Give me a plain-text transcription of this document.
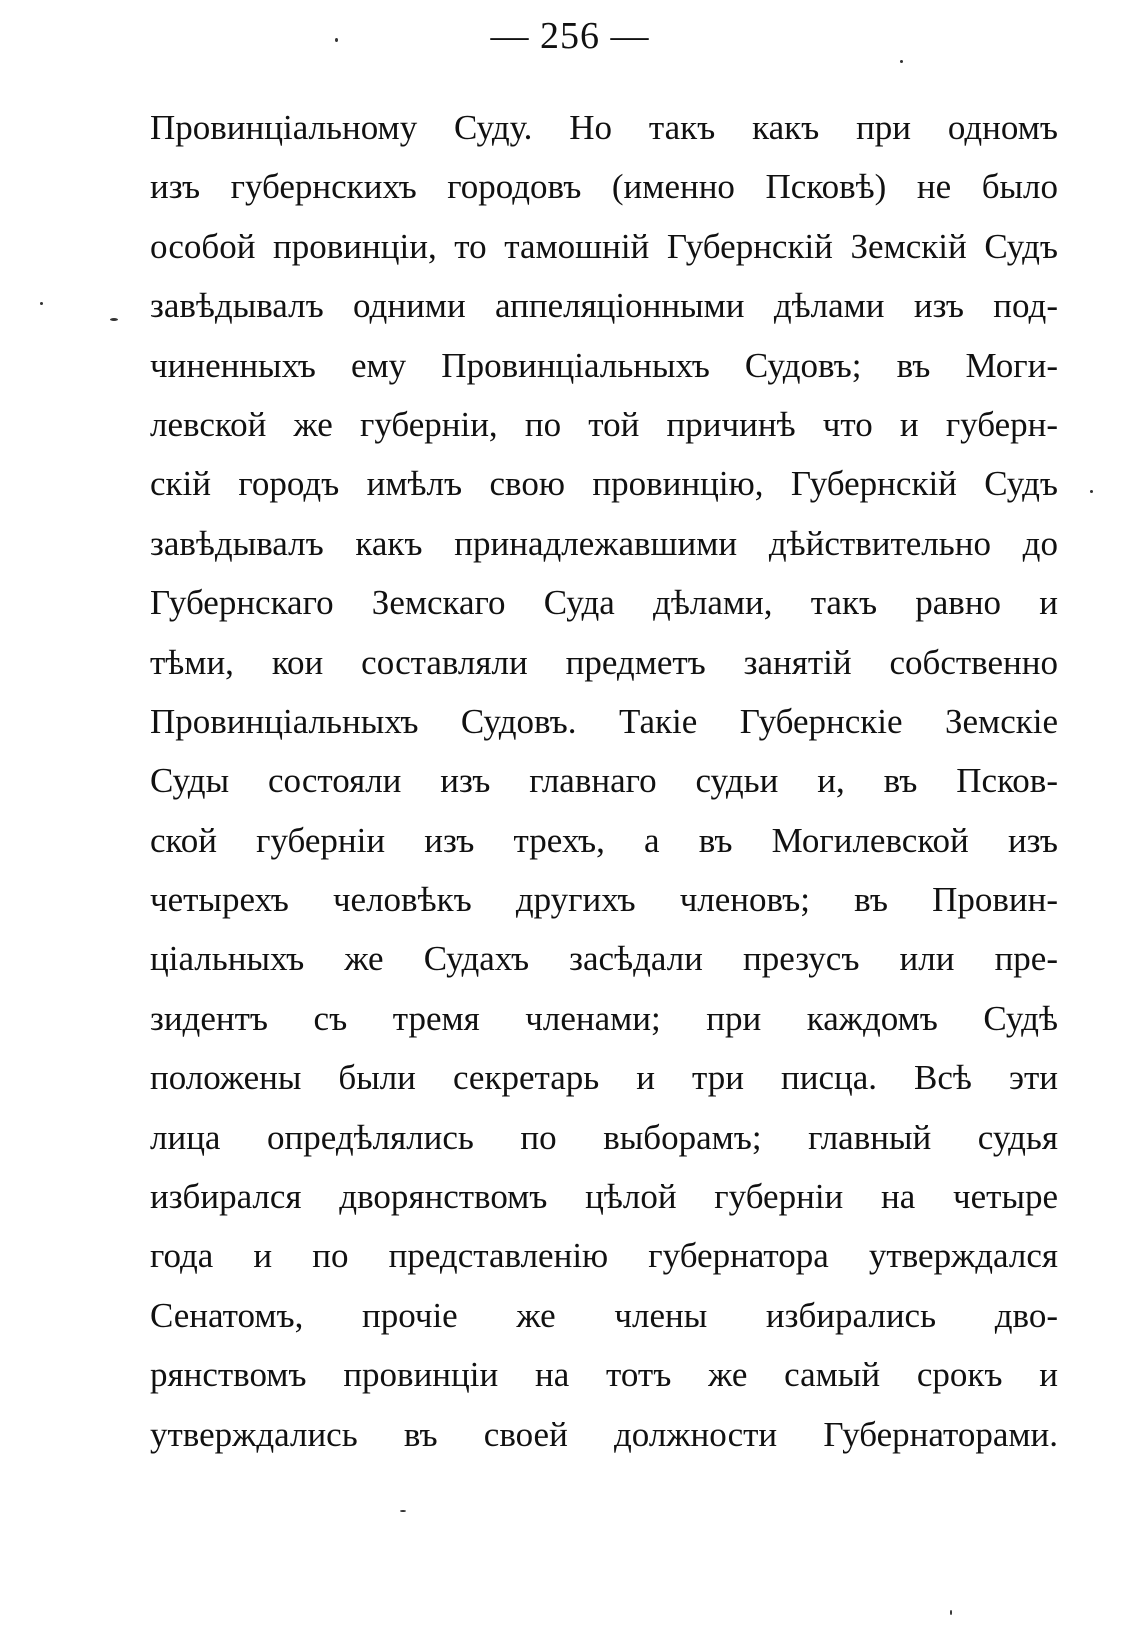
— 256 —
Провинціальному Суду. Но такъ какъ при одномъ
изъ губернскихъ городовъ (именно Псковѣ) не было
особой провинціи, то тамошній Губернскій Земскій Судъ
завѣдывалъ одними аппеляціонными дѣлами изъ под-
чиненныхъ ему Провинціальныхъ Судовъ; въ Моги-
левской же губерніи, по той причинѣ что и губерн-
скій городъ имѣлъ свою провинцію, Губернскій Судъ
завѣдывалъ какъ принадлежавшими дѣйствительно до
Губернскаго Земскаго Суда дѣлами, такъ равно и
тѣми, кои составляли предметъ занятій собственно
Провинціальныхъ Судовъ. Такіе Губернскіе Земскіе
Суды состояли изъ главнаго судьи и, въ Псков-
ской губерніи изъ трехъ, а въ Могилевской изъ
четырехъ человѣкъ другихъ членовъ; въ Провин-
ціальныхъ же Судахъ засѣдали презусъ или пре-
зидентъ съ тремя членами; при каждомъ Судѣ
положены были секретарь и три писца. Всѣ эти
лица опредѣлялись по выборамъ; главный судья
избирался дворянствомъ цѣлой губерніи на четыре
года и по представленію губернатора утверждался
Сенатомъ, прочіе же члены избирались дво-
рянствомъ провинціи на тотъ же самый срокъ и
утверждались въ своей должности Губернаторами.
